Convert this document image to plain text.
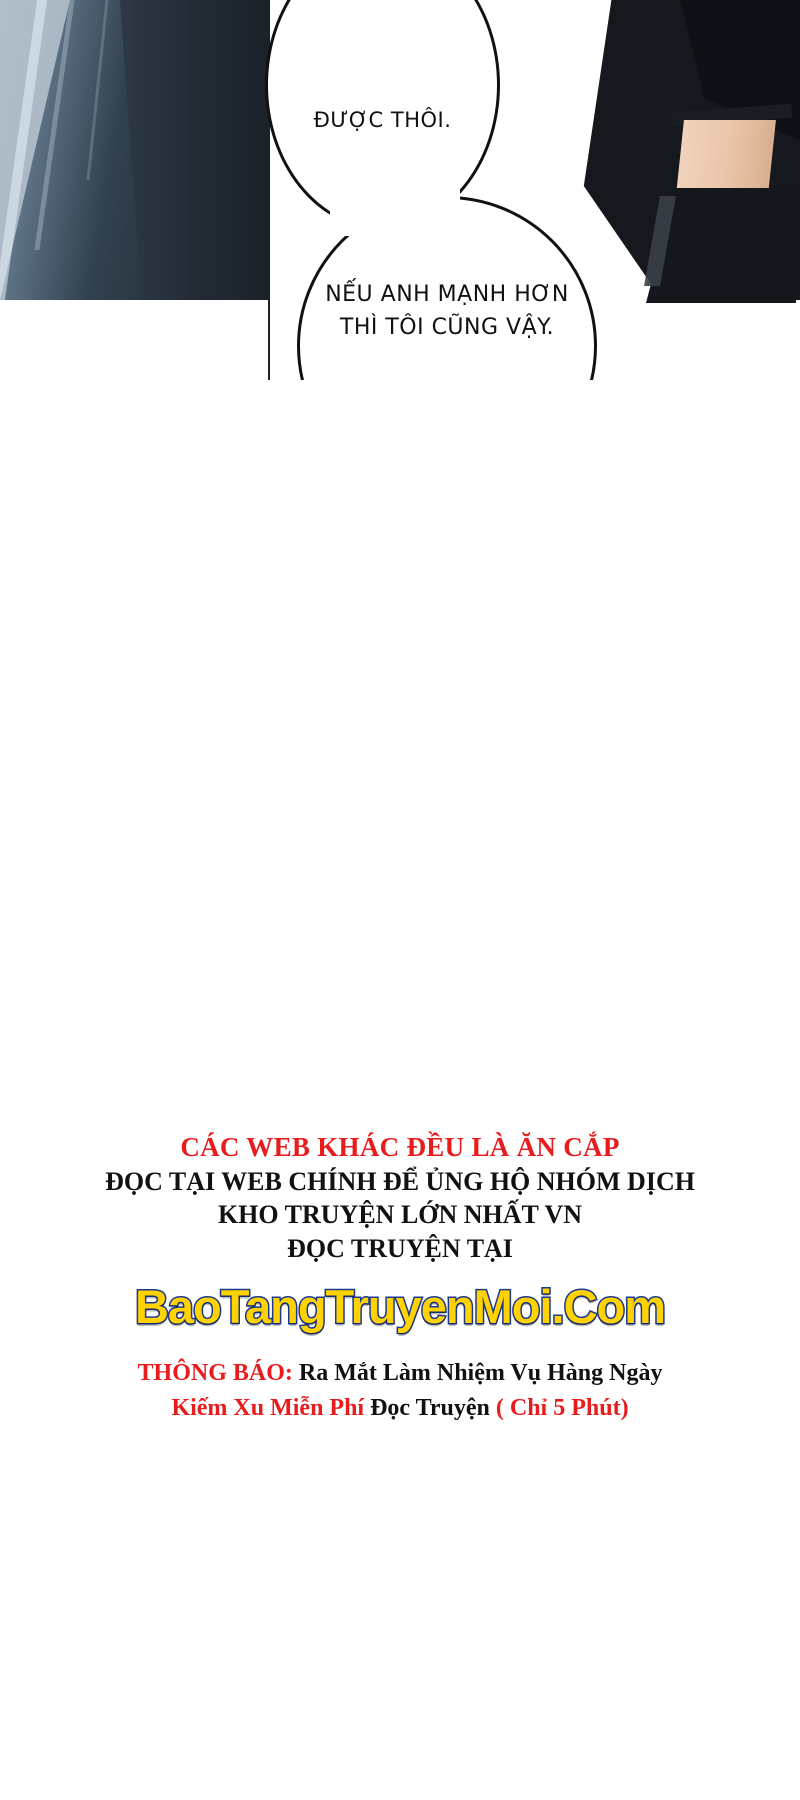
ĐƯỢC THÔI.
NẾU ANH MẠNH HƠN
THÌ TÔI CŨNG VẬY.
CÁC WEB KHÁC ĐỀU LÀ ĂN CẮP
ĐỌC TẠI WEB CHÍNH ĐỂ ỦNG HỘ NHÓM DỊCH
KHO TRUYỆN LỚN NHẤT VN
ĐỌC TRUYỆN TẠI
BaoTangTruyenMoi.Com
THÔNG BÁO: Ra Mắt Làm Nhiệm Vụ Hàng Ngày
Kiếm Xu Miễn Phí Đọc Truyện ( Chỉ 5 Phút)
